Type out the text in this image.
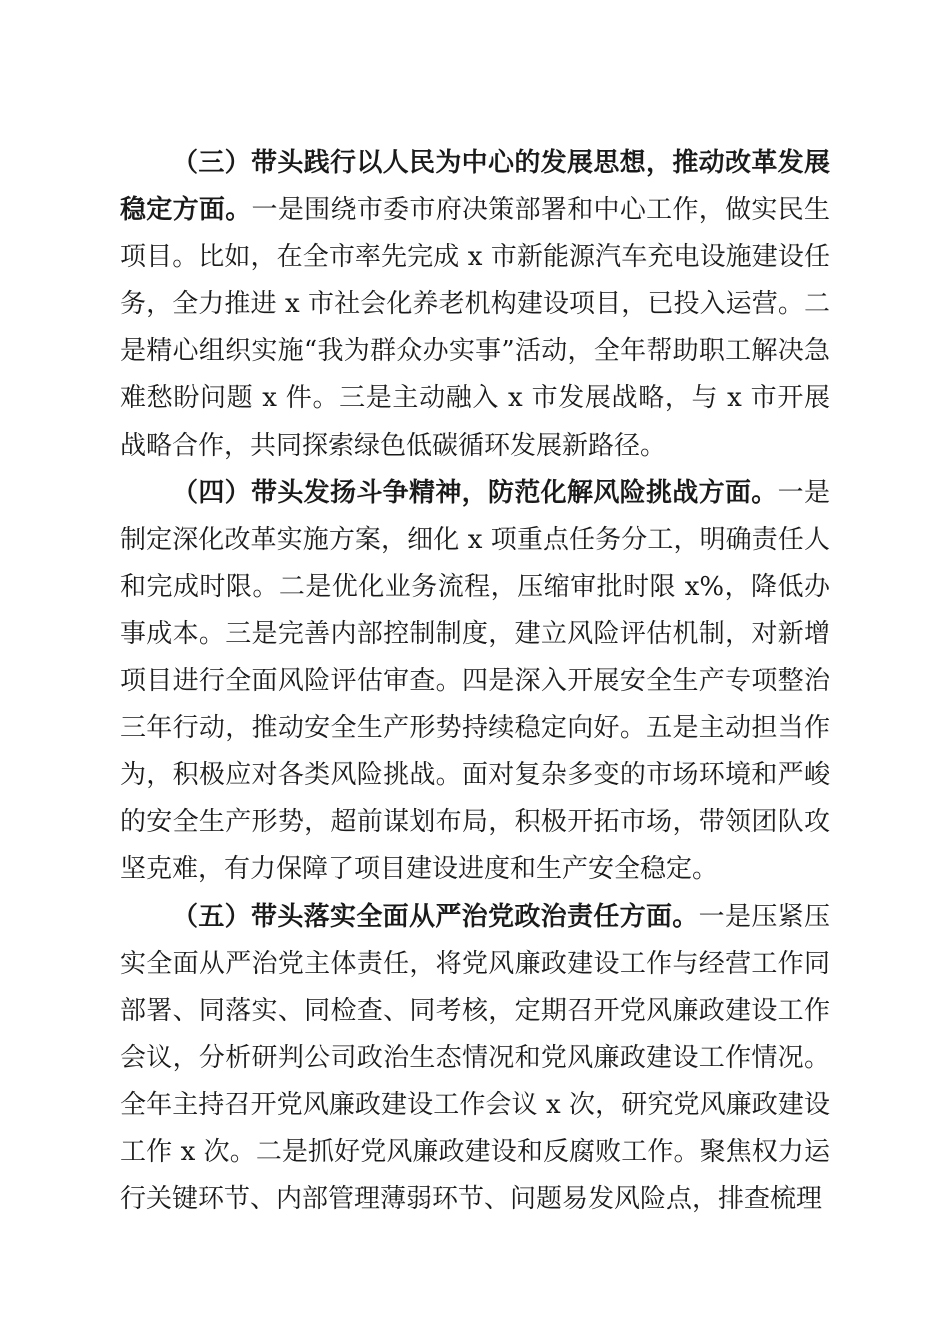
（三）带头践行以人民为中心的发展思想，推动改革发展稳定方面。一是围绕市委市府决策部署和中心工作，做实民生项目。比如，在全市率先完成 x 市新能源汽车充电设施建设任务，全力推进 x 市社会化养老机构建设项目，已投入运营。二是精心组织实施“我为群众办实事”活动，全年帮助职工解决急难愁盼问题 x 件。三是主动融入 x 市发展战略，与 x 市开展战略合作，共同探索绿色低碳循环发展新路径。

（四）带头发扬斗争精神，防范化解风险挑战方面。一是制定深化改革实施方案，细化 x 项重点任务分工，明确责任人和完成时限。二是优化业务流程，压缩审批时限 x%，降低办事成本。三是完善内部控制制度，建立风险评估机制，对新增项目进行全面风险评估审查。四是深入开展安全生产专项整治三年行动，推动安全生产形势持续稳定向好。五是主动担当作为，积极应对各类风险挑战。面对复杂多变的市场环境和严峻的安全生产形势，超前谋划布局，积极开拓市场，带领团队攻坚克难，有力保障了项目建设进度和生产安全稳定。

（五）带头落实全面从严治党政治责任方面。一是压紧压实全面从严治党主体责任，将党风廉政建设工作与经营工作同部署、同落实、同检查、同考核，定期召开党风廉政建设工作会议，分析研判公司政治生态情况和党风廉政建设工作情况。全年主持召开党风廉政建设工作会议 x 次，研究党风廉政建设工作 x 次。二是抓好党风廉政建设和反腐败工作。聚焦权力运行关键环节、内部管理薄弱环节、问题易发风险点，排查梳理
